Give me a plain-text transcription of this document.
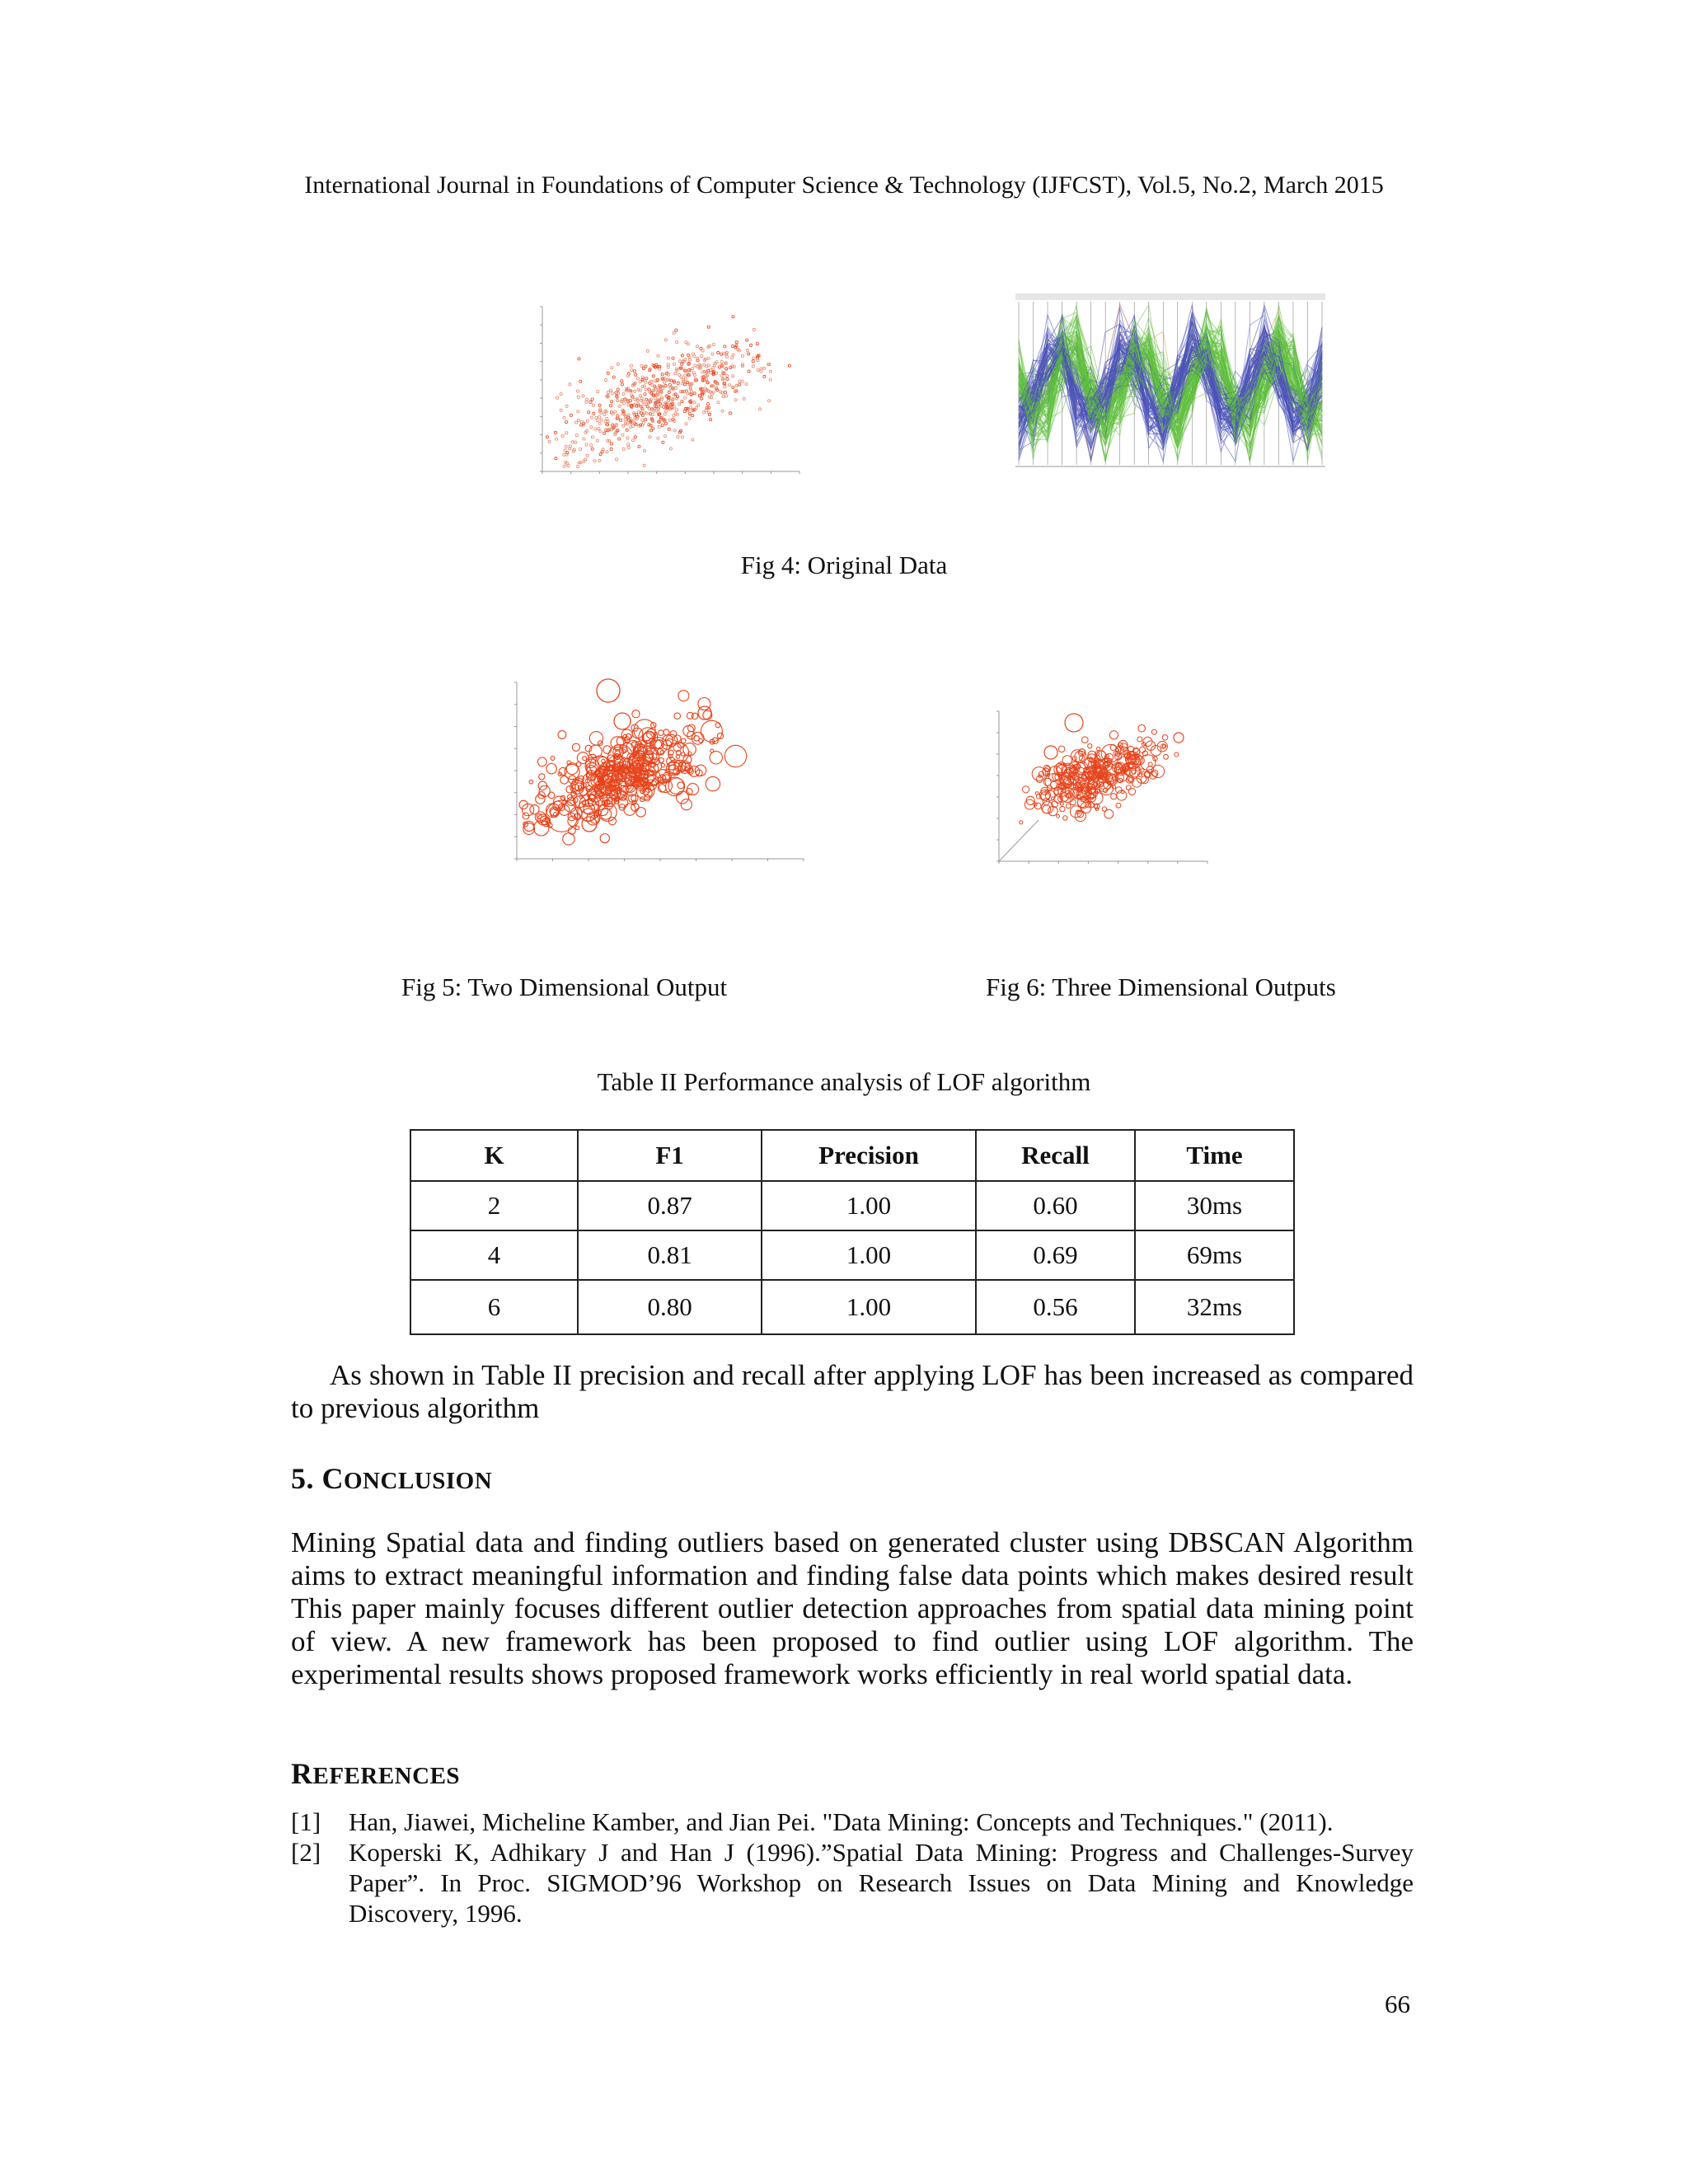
International Journal in Foundations of Computer Science & Technology (IJFCST), Vol.5, No.2, March 2015
Fig 4: Original Data
Fig 5: Two Dimensional Output	Fig 6: Three Dimensional Outputs
Table II Performance analysis of LOF algorithm
K	F1	Precision	Recall	Time
2	0.87	1.00	0.60	30ms
4	0.81	1.00	0.69	69ms
6	0.80	1.00	0.56	32ms
As shown in Table II precision and recall after applying LOF has been increased as compared to previous algorithm
5. CONCLUSION
Mining Spatial data and finding outliers based on generated cluster using DBSCAN Algorithm aims to extract meaningful information and finding false data points which makes desired result This paper mainly focuses different outlier detection approaches from spatial data mining point of view. A new framework has been proposed to find outlier using LOF algorithm. The experimental results shows proposed framework works efficiently in real world spatial data.
REFERENCES
[1] Han, Jiawei, Micheline Kamber, and Jian Pei. "Data Mining: Concepts and Techniques." (2011).
[2] Koperski K, Adhikary J and Han J (1996).”Spatial Data Mining: Progress and Challenges-Survey Paper”. In Proc. SIGMOD’96 Workshop on Research Issues on Data Mining and Knowledge Discovery, 1996.
66
